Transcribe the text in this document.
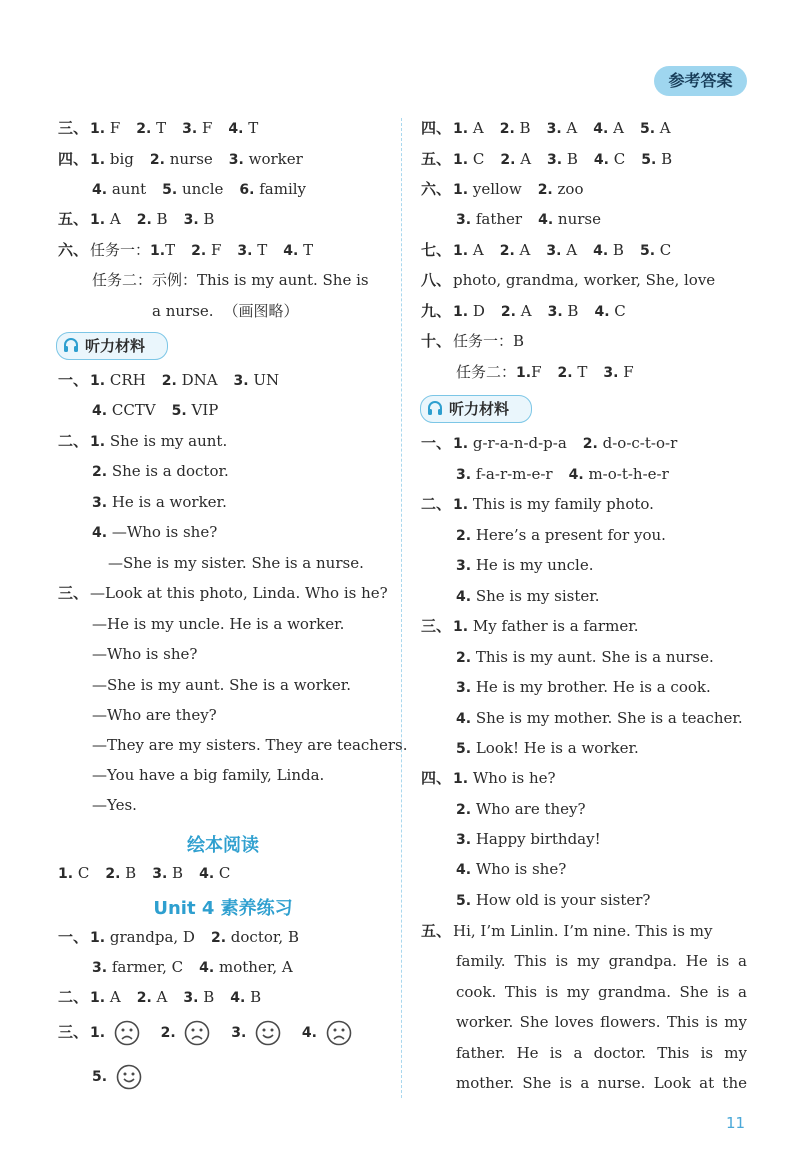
参考答案
三、 1. F 2. T 3. F 4. T
四、 1. big 2. nurse 3. worker
4. aunt 5. uncle 6. family
五、 1. A 2. B 3. B
六、 任务一：1.T 2. F 3. T 4. T
任务二：示例：This is my aunt. She is
a nurse. （画图略）
听力材料
一、 1. CRH 2. DNA 3. UN
4. CCTV 5. VIP
二、 1. She is my aunt.
2. She is a doctor.
3. He is a worker.
4. —Who is she?
—She is my sister. She is a nurse.
三、 —Look at this photo, Linda. Who is he?
—He is my uncle. He is a worker.
—Who is she?
—She is my aunt. She is a worker.
—Who are they?
—They are my sisters. They are teachers.
—You have a big family, Linda.
—Yes.
绘本阅读
1. C 2. B 3. B 4. C
Unit 4 素养练习
一、 1. grandpa, D 2. doctor, B
3. farmer, C 4. mother, A
二、 1. A 2. A 3. B 4. B
三、 1.	2.	3.	4.
5.
四、 1. A 2. B 3. A 4. A 5. A
五、 1. C 2. A 3. B 4. C 5. B
六、 1. yellow 2. zoo
3. father 4. nurse
七、 1. A 2. A 3. A 4. B 5. C
八、 photo, grandma, worker, She, love
九、 1. D 2. A 3. B 4. C
十、 任务一：B
任务二：1.F 2. T 3. F
听力材料
一、 1. g-r-a-n-d-p-a 2. d-o-c-t-o-r
3. f-a-r-m-e-r 4. m-o-t-h-e-r
二、 1. This is my family photo.
2. Here’s a present for you.
3. He is my uncle.
4. She is my sister.
三、 1. My father is a farmer.
2. This is my aunt. She is a nurse.
3. He is my brother. He is a cook.
4. She is my mother. She is a teacher.
5. Look! He is a worker.
四、 1. Who is he?
2. Who are they?
3. Happy birthday!
4. Who is she?
5. How old is your sister?
五、 Hi, I’m Linlin. I’m nine. This is my
family. This is my grandpa. He is a
cook. This is my grandma. She is a
worker. She loves flowers. This is my
father. He is a doctor. This is my
mother. She is a nurse. Look at the
11
